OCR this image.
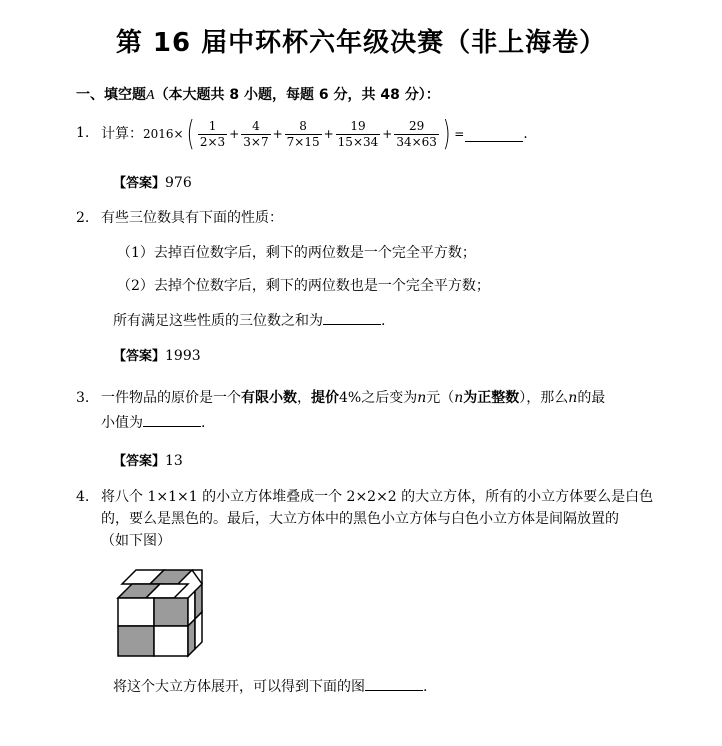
第 16 届中环杯六年级决赛（非上海卷）
一、填空题A（本大题共 8 小题，每题 6 分，共 48 分）：
1. 计算： 2016× ( $\frac{1}{2\times 3} + \frac{4}{3\times 7} + \frac{8}{7\times 15} + \frac{19}{15\times 34} + \frac{29}{34\times 63}$ ) =	.
【答案】976
2. 有些三位数具有下面的性质：
（1）去掉百位数字后，剩下的两位数是一个完全平方数；
（2）去掉个位数字后，剩下的两位数也是一个完全平方数；
所有满足这些性质的三位数之和为	.
【答案】1993
3. 一件物品的原价是一个有限小数，提价4%之后变为n元（n为正整数），那么n的最
小值为	.
【答案】13
4. 将八个 1×1×1 的小立方体堆叠成一个 2×2×2 的大立方体，所有的小立方体要么是白色
的，要么是黑色的。最后，大立方体中的黑色小立方体与白色小立方体是间隔放置的
（如下图）
将这个大立方体展开，可以得到下面的图	.
